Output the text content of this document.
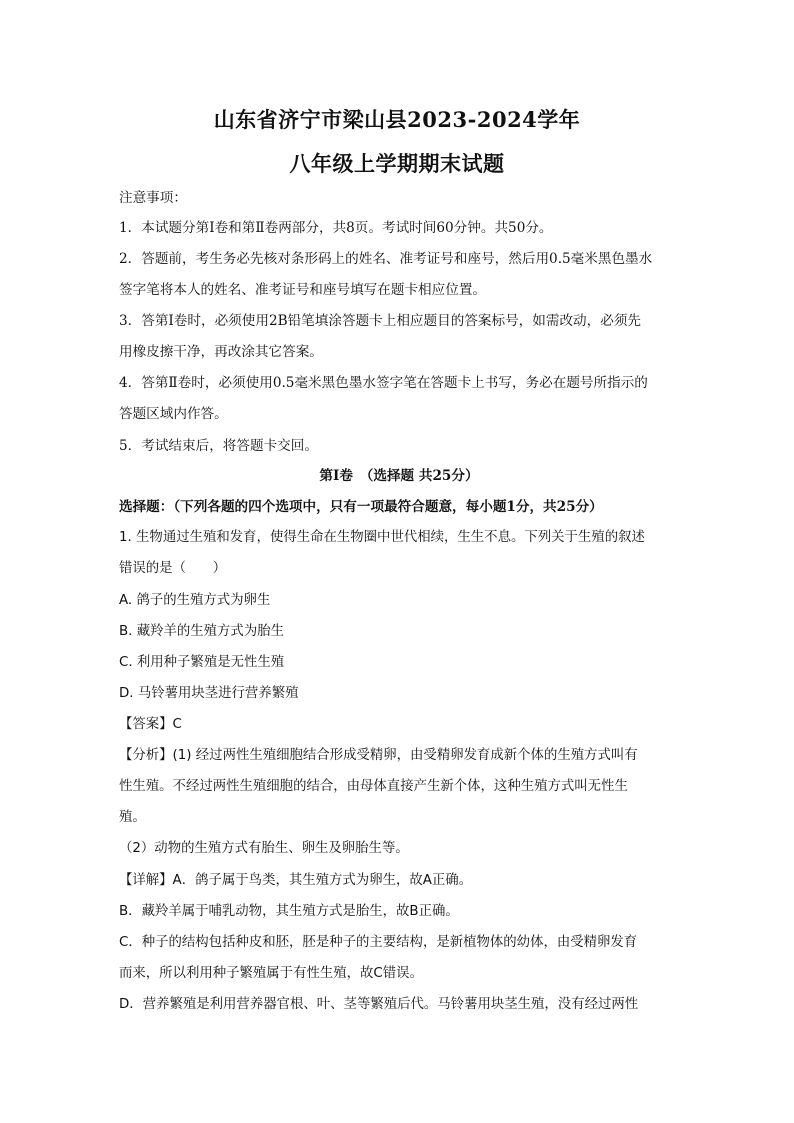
山东省济宁市梁山县2023-2024学年
八年级上学期期末试题
注意事项：
1．本试题分第Ⅰ卷和第Ⅱ卷两部分，共8页。考试时间60分钟。共50分。
2．答题前，考生务必先核对条形码上的姓名、准考证号和座号，然后用0.5毫米黑色墨水
签字笔将本人的姓名、准考证号和座号填写在题卡相应位置。
3．答第Ⅰ卷时，必须使用2B铅笔填涂答题卡上相应题目的答案标号，如需改动，必须先
用橡皮擦干净，再改涂其它答案。
4．答第Ⅱ卷时，必须使用0.5毫米黑色墨水签字笔在答题卡上书写，务必在题号所指示的
答题区域内作答。
5．考试结束后，将答题卡交回。
第Ⅰ卷　（选择题 共25分）
选择题：（下列各题的四个选项中，只有一项最符合题意，每小题1分，共25分）
1. 生物通过生殖和发育，使得生命在生物圈中世代相续，生生不息。下列关于生殖的叙述
错误的是（　　）
A. 鸽子的生殖方式为卵生
B. 藏羚羊的生殖方式为胎生
C. 利用种子繁殖是无性生殖
D. 马铃薯用块茎进行营养繁殖
【答案】C
【分析】(1) 经过两性生殖细胞结合形成受精卵，由受精卵发育成新个体的生殖方式叫有
性生殖。不经过两性生殖细胞的结合，由母体直接产生新个体，这种生殖方式叫无性生
殖。
（2）动物的生殖方式有胎生、卵生及卵胎生等。
【详解】A．鸽子属于鸟类，其生殖方式为卵生，故A正确。
B．藏羚羊属于哺乳动物，其生殖方式是胎生，故B正确。
C．种子的结构包括种皮和胚，胚是种子的主要结构，是新植物体的幼体，由受精卵发育
而来，所以利用种子繁殖属于有性生殖，故C错误。
D．营养繁殖是利用营养器官根、叶、茎等繁殖后代。马铃薯用块茎生殖，没有经过两性
